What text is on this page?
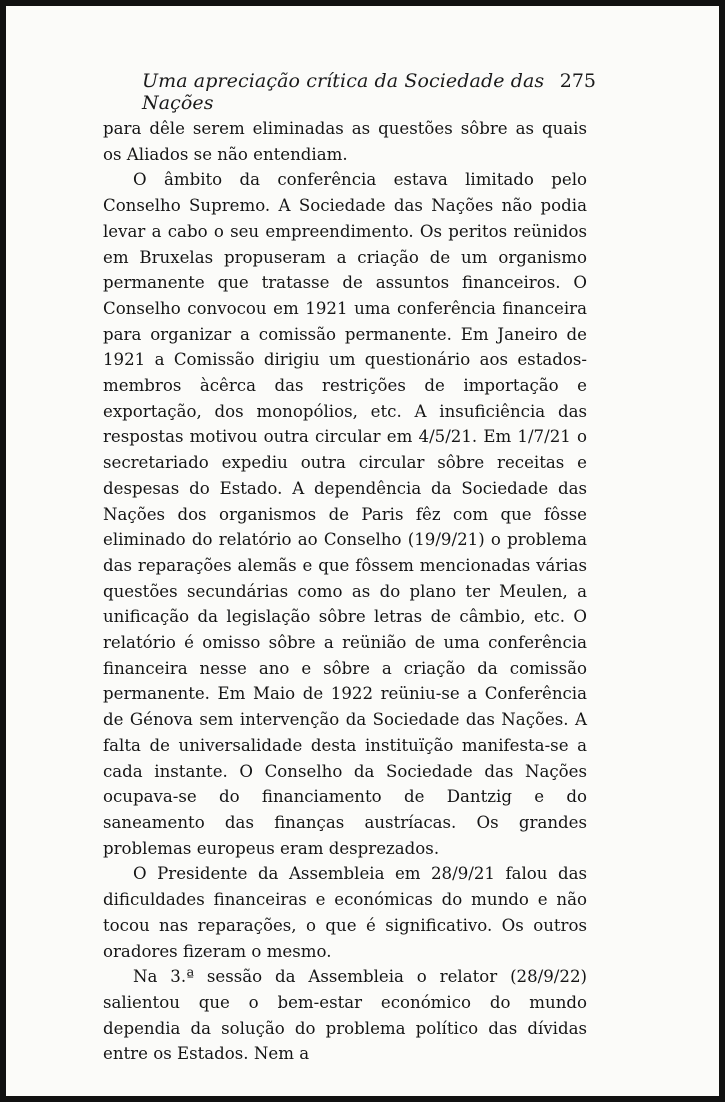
Uma apreciação crítica da Sociedade das Nações
275

para dêle serem eliminadas as questões sôbre as quais os Aliados se não entendiam.

O âmbito da conferência estava limitado pelo Conselho Supremo. A Sociedade das Nações não podia levar a cabo o seu empreendimento. Os peritos reünidos em Bruxelas propuseram a criação de um organismo permanente que tratasse de assuntos financeiros. O Conselho convocou em 1921 uma conferência financeira para organizar a comissão permanente. Em Janeiro de 1921 a Comissão dirigiu um questionário aos estados-membros àcêrca das restrições de importação e exportação, dos monopólios, etc. A insuficiência das respostas motivou outra circular em 4/5/21. Em 1/7/21 o secretariado expediu outra circular sôbre receitas e despesas do Estado. A dependência da Sociedade das Nações dos organismos de Paris fêz com que fôsse eliminado do relatório ao Conselho (19/9/21) o problema das reparações alemãs e que fôssem mencionadas várias questões secundárias como as do plano ter Meulen, a unificação da legislação sôbre letras de câmbio, etc. O relatório é omisso sôbre a reünião de uma conferência financeira nesse ano e sôbre a criação da comissão permanente. Em Maio de 1922 reüniu-se a Conferência de Génova sem intervenção da Sociedade das Nações. A falta de universalidade desta instituïção manifesta-se a cada instante. O Conselho da Sociedade das Nações ocupava-se do financiamento de Dantzig e do saneamento das finanças austríacas. Os grandes problemas europeus eram desprezados.

O Presidente da Assembleia em 28/9/21 falou das dificuldades financeiras e económicas do mundo e não tocou nas reparações, o que é significativo. Os outros oradores fizeram o mesmo.

Na 3.ª sessão da Assembleia o relator (28/9/22) salientou que o bem-estar económico do mundo dependia da solução do problema político das dívidas entre os Estados. Nem a
